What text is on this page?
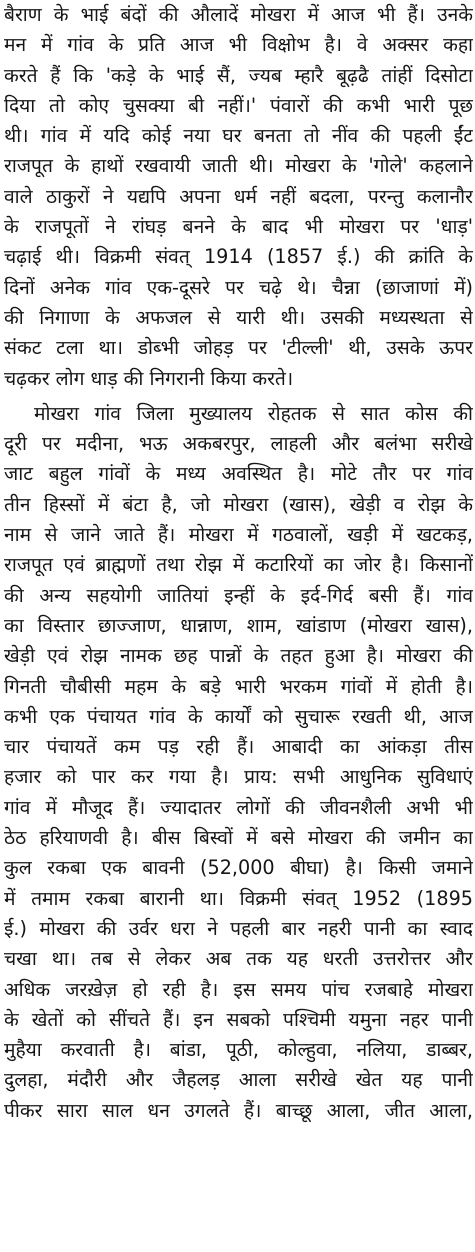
बैराण के भाई बंदों की औलादें मोखरा में आज भी हैं। उनके
मन में गांव के प्रति आज भी विक्षोभ है। वे अक्सर कहा
करते हैं कि 'कड़े के भाई सैं, ज्यब म्हारै बूढ़ढै तांहीं दिसोटा
दिया तो कोए चुसक्या बी नहीं।' पंवारों की कभी भारी पूछ
थी। गांव में यदि कोई नया घर बनता तो नींव की पहली ईंट
राजपूत के हाथों रखवायी जाती थी। मोखरा के 'गोले' कहलाने
वाले ठाकुरों ने यद्यपि अपना धर्म नहीं बदला, परन्तु कलानौर
के राजपूतों ने रांघड़ बनने के बाद भी मोखरा पर 'धाड़'
चढ़ाई थी। विक्रमी संवत् 1914 (1857 ई.) की क्रांति के
दिनों अनेक गांव एक-दूसरे पर चढ़े थे। चैन्ना (छाजाणां में)
की निगाणा के अफजल से यारी थी। उसकी मध्यस्थता से
संकट टला था। डोब्भी जोहड़ पर 'टील्ली' थी, उसके ऊपर
चढ़कर लोग धाड़ की निगरानी किया करते।
मोखरा गांव जिला मुख्यालय रोहतक से सात कोस की
दूरी पर मदीना, भऊ अकबरपुर, लाहली और बलंभा सरीखे
जाट बहुल गांवों के मध्य अवस्थित है। मोटे तौर पर गांव
तीन हिस्सों में बंटा है, जो मोखरा (खास), खेड़ी व रोझ के
नाम से जाने जाते हैं। मोखरा में गठवालों, खड़ी में खटकड़,
राजपूत एवं ब्राह्मणों तथा रोझ में कटारियों का जोर है। किसानों
की अन्य सहयोगी जातियां इन्हीं के इर्द-गिर्द बसी हैं। गांव
का विस्तार छाज्जाण, धान्नाण, शाम, खांडाण (मोखरा खास),
खेड़ी एवं रोझ नामक छह पान्नों के तहत हुआ है। मोखरा की
गिनती चौबीसी महम के बड़े भारी भरकम गांवों में होती है।
कभी एक पंचायत गांव के कार्यों को सुचारू रखती थी, आज
चार पंचायतें कम पड़ रही हैं। आबादी का आंकड़ा तीस
हजार को पार कर गया है। प्राय: सभी आधुनिक सुविधाएं
गांव में मौजूद हैं। ज्यादातर लोगों की जीवनशैली अभी भी
ठेठ हरियाणवी है। बीस बिस्वों में बसे मोखरा की जमीन का
कुल रकबा एक बावनी (52,000 बीघा) है। किसी जमाने
में तमाम रकबा बारानी था। विक्रमी संवत् 1952 (1895
ई.) मोखरा की उर्वर धरा ने पहली बार नहरी पानी का स्वाद
चखा था। तब से लेकर अब तक यह धरती उत्तरोत्तर और
अधिक जरख़ेज़ हो रही है। इस समय पांच रजबाहे मोखरा
के खेतों को सींचते हैं। इन सबको पश्चिमी यमुना नहर पानी
मुहैया करवाती है। बांडा, पूठी, कोल्हुवा, नलिया, डाब्बर,
दुलहा, मंदौरी और जैहलड़ आला सरीखे खेत यह पानी
पीकर सारा साल धन उगलते हैं। बाच्छू आला, जीत आला,
